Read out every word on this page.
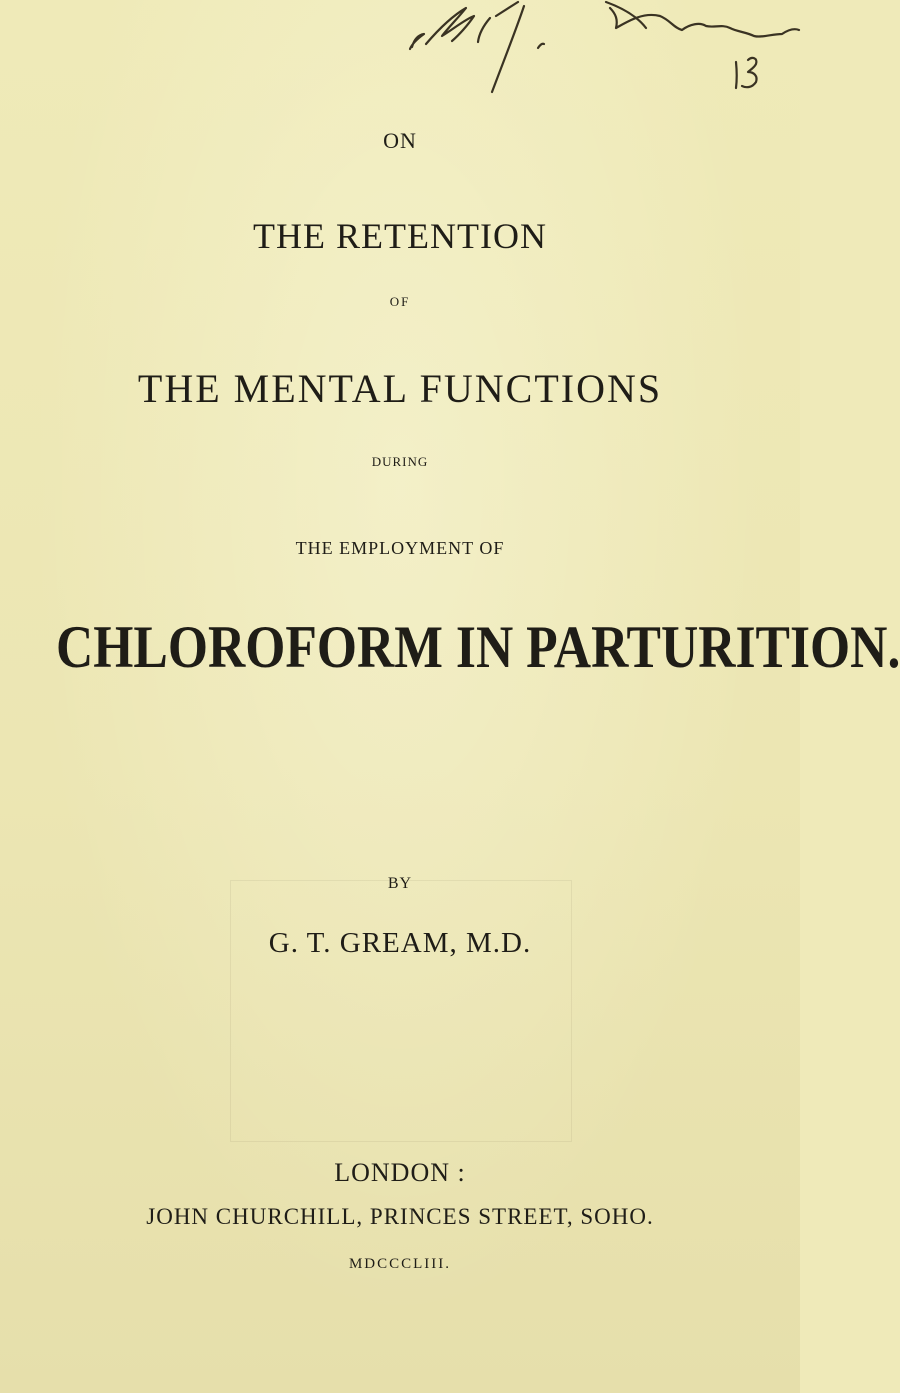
13
ON
THE RETENTION
OF
THE MENTAL FUNCTIONS
DURING
THE EMPLOYMENT OF
CHLOROFORM IN PARTURITION.
BY
G. T. GREAM, M.D.
LONDON :
JOHN CHURCHILL, PRINCES STREET, SOHO.
MDCCCLIII.
